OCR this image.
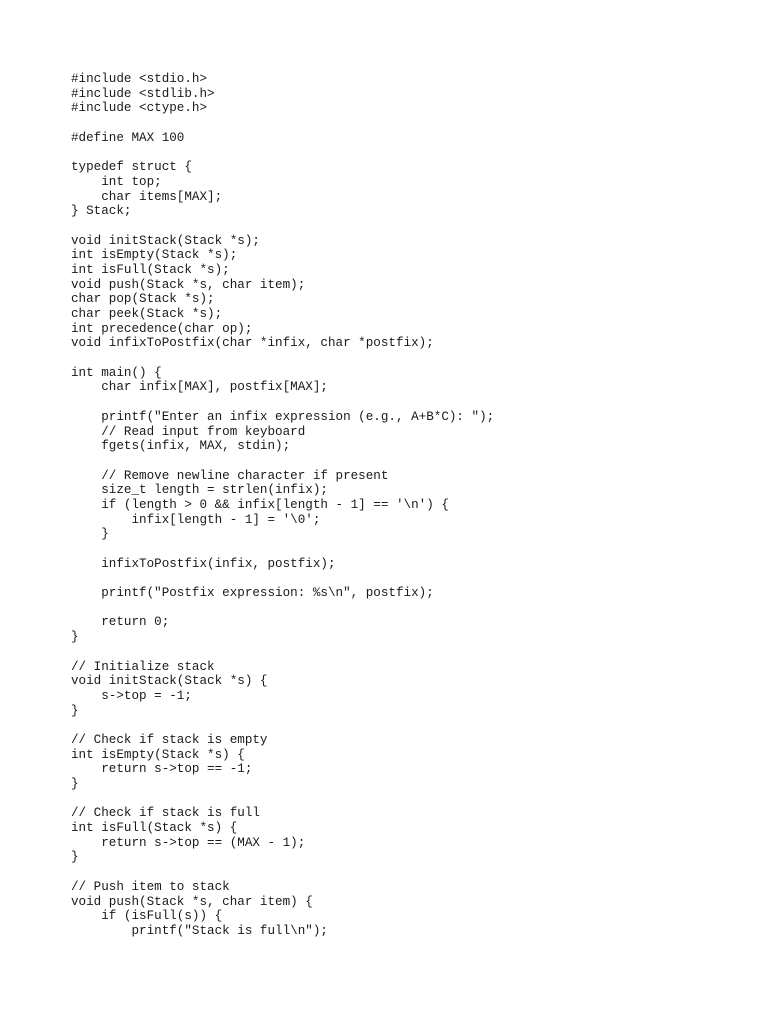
#include <stdio.h>
#include <stdlib.h>
#include <ctype.h>
#define MAX 100
typedef struct {
int top;
char items[MAX];
} Stack;
void initStack(Stack *s);
int isEmpty(Stack *s);
int isFull(Stack *s);
void push(Stack *s, char item);
char pop(Stack *s);
char peek(Stack *s);
int precedence(char op);
void infixToPostfix(char *infix, char *postfix);
int main() {
char infix[MAX], postfix[MAX];
printf("Enter an infix expression (e.g., A+B*C): ");
// Read input from keyboard
fgets(infix, MAX, stdin);
// Remove newline character if present
size_t length = strlen(infix);
if (length > 0 && infix[length - 1] == '\n') {
infix[length - 1] = '\0';
}
infixToPostfix(infix, postfix);
printf("Postfix expression: %s\n", postfix);
return 0;
}
// Initialize stack
void initStack(Stack *s) {
s->top = -1;
}
// Check if stack is empty
int isEmpty(Stack *s) {
return s->top == -1;
}
// Check if stack is full
int isFull(Stack *s) {
return s->top == (MAX - 1);
}
// Push item to stack
void push(Stack *s, char item) {
if (isFull(s)) {
printf("Stack is full\n");
